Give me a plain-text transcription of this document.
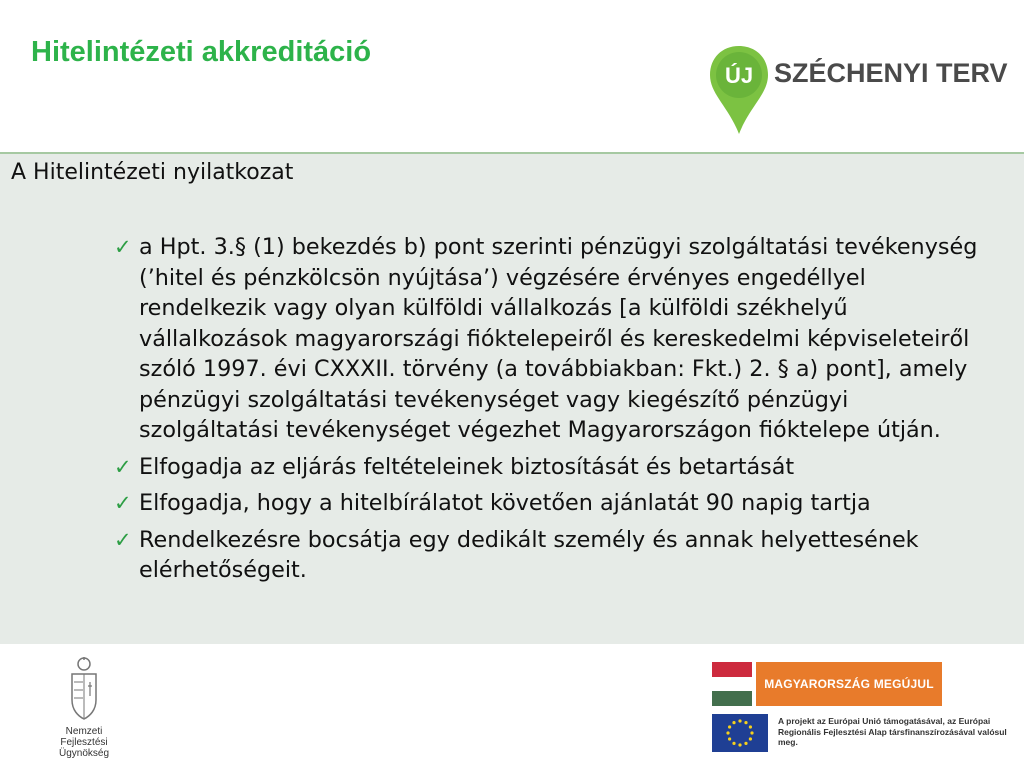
Hitelintézeti akkreditáció
ÚJ SZÉCHENYI TERV
A Hitelintézeti nyilatkozat
✓ a Hpt. 3.§ (1) bekezdés b) pont szerinti pénzügyi szolgáltatási tevékenység (’hitel és pénzkölcsön nyújtása’) végzésére érvényes engedéllyel rendelkezik vagy olyan külföldi vállalkozás [a külföldi székhelyű vállalkozások magyarországi fióktelepeiről és kereskedelmi képviseleteiről szóló 1997. évi CXXXII. törvény (a továbbiakban: Fkt.) 2. § a) pont], amely pénzügyi szolgáltatási tevékenységet vagy kiegészítő pénzügyi szolgáltatási tevékenységet végezhet Magyarországon fióktelepe útján.
✓ Elfogadja az eljárás feltételeinek biztosítását és betartását
✓ Elfogadja, hogy a hitelbírálatot követően ajánlatát 90 napig tartja
✓ Rendelkezésre bocsátja egy dedikált személy és annak helyettesének elérhetőségeit.
Nemzeti
Fejlesztési Ügynökség
MAGYARORSZÁG MEGÚJUL
A projekt az Európai Unió támogatásával, az Európai Regionális Fejlesztési Alap társfinanszírozásával valósul meg.
